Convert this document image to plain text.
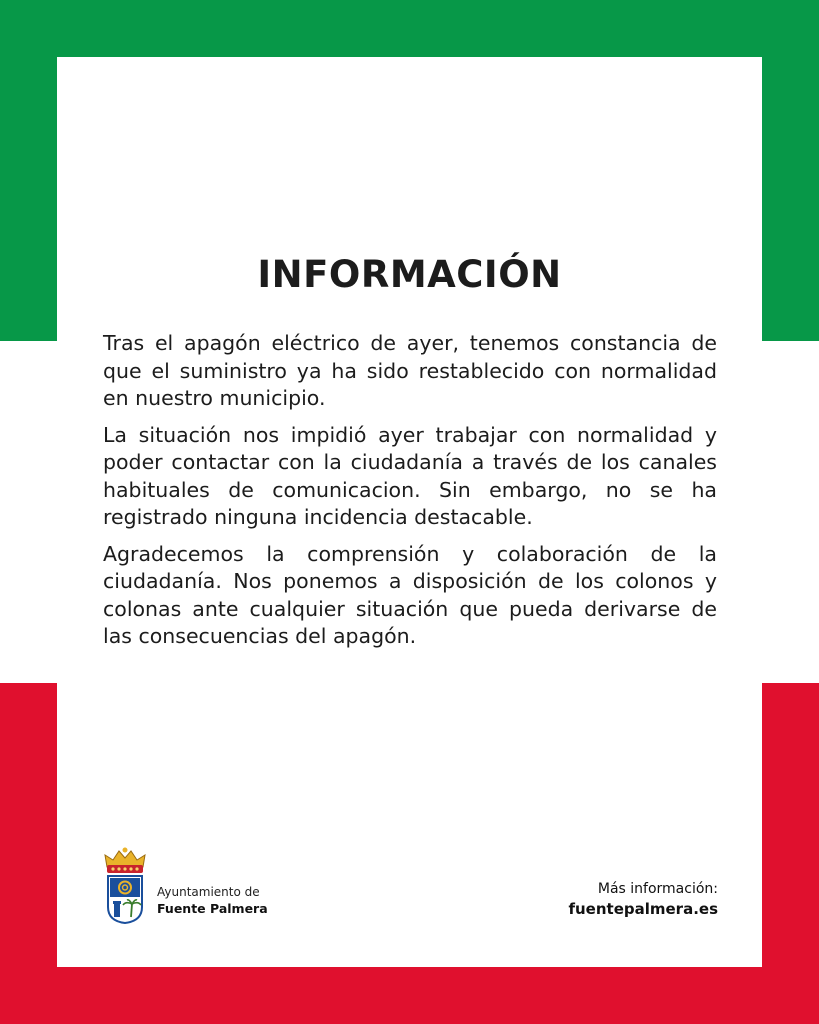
INFORMACIÓN

Tras el apagón eléctrico de ayer, tenemos constancia de que el suministro ya ha sido restablecido con normalidad en nuestro municipio.

La situación nos impidió ayer trabajar con normalidad y poder contactar con la ciudadanía a través de los canales habituales de comunicacion. Sin embargo, no se ha registrado ninguna incidencia destacable.

Agradecemos la comprensión y colaboración de la ciudadanía. Nos ponemos a disposición de los colonos y colonas ante cualquier situación que pueda derivarse de las consecuencias del apagón.

Ayuntamiento de
Fuente Palmera
Más información:
fuentepalmera.es
